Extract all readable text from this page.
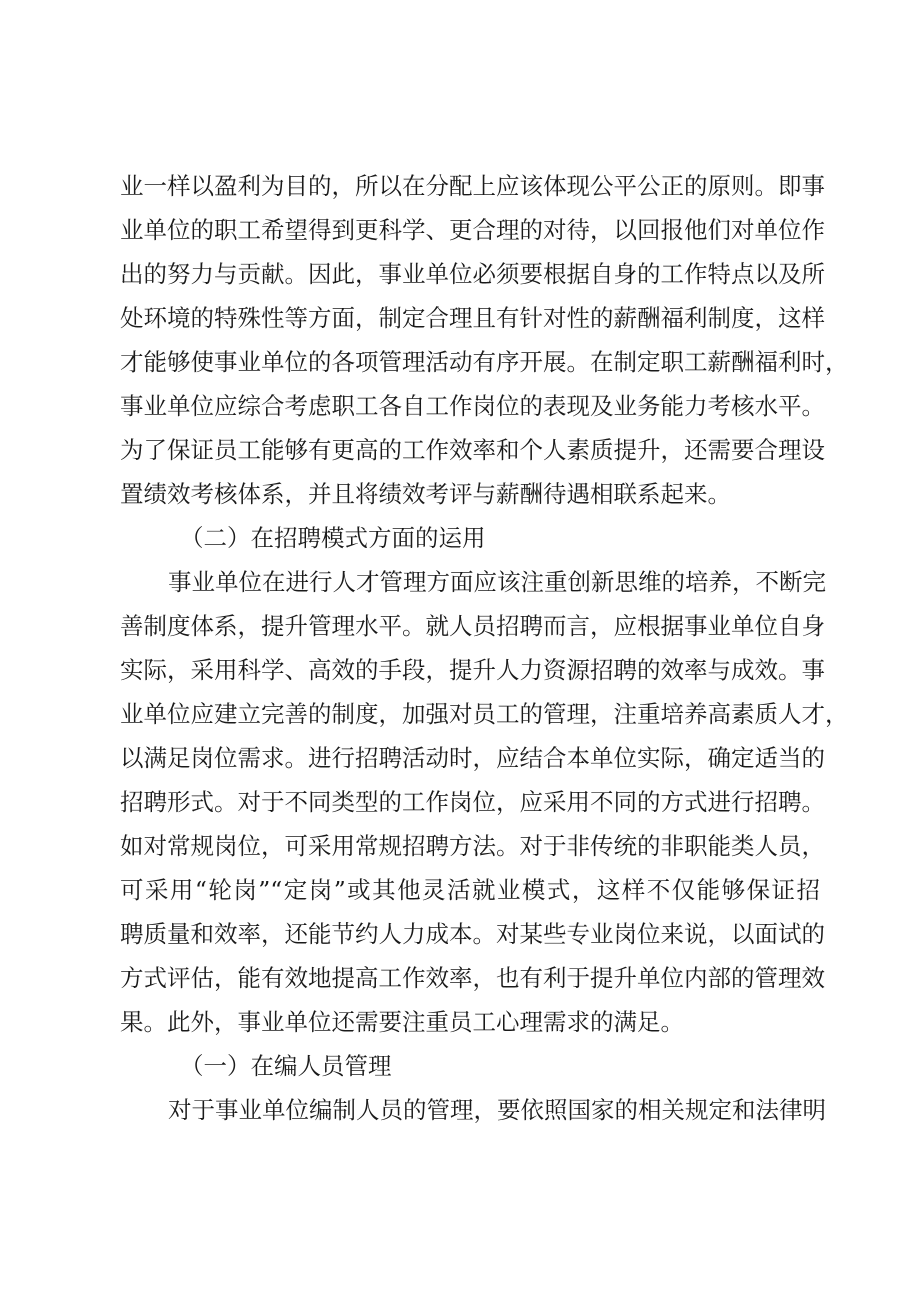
业一样以盈利为目的，所以在分配上应该体现公平公正的原则。即事
业单位的职工希望得到更科学、更合理的对待，以回报他们对单位作
出的努力与贡献。因此，事业单位必须要根据自身的工作特点以及所
处环境的特殊性等方面，制定合理且有针对性的薪酬福利制度，这样
才能够使事业单位的各项管理活动有序开展。在制定职工薪酬福利时，
事业单位应综合考虑职工各自工作岗位的表现及业务能力考核水平。
为了保证员工能够有更高的工作效率和个人素质提升，还需要合理设
置绩效考核体系，并且将绩效考评与薪酬待遇相联系起来。
（二）在招聘模式方面的运用
事业单位在进行人才管理方面应该注重创新思维的培养，不断完
善制度体系，提升管理水平。就人员招聘而言，应根据事业单位自身
实际，采用科学、高效的手段，提升人力资源招聘的效率与成效。事
业单位应建立完善的制度，加强对员工的管理，注重培养高素质人才，
以满足岗位需求。进行招聘活动时，应结合本单位实际，确定适当的
招聘形式。对于不同类型的工作岗位，应采用不同的方式进行招聘。
如对常规岗位，可采用常规招聘方法。对于非传统的非职能类人员，
可采用“轮岗”“定岗”或其他灵活就业模式，这样不仅能够保证招
聘质量和效率，还能节约人力成本。对某些专业岗位来说，以面试的
方式评估，能有效地提高工作效率，也有利于提升单位内部的管理效
果。此外，事业单位还需要注重员工心理需求的满足。
（一）在编人员管理
对于事业单位编制人员的管理，要依照国家的相关规定和法律明
